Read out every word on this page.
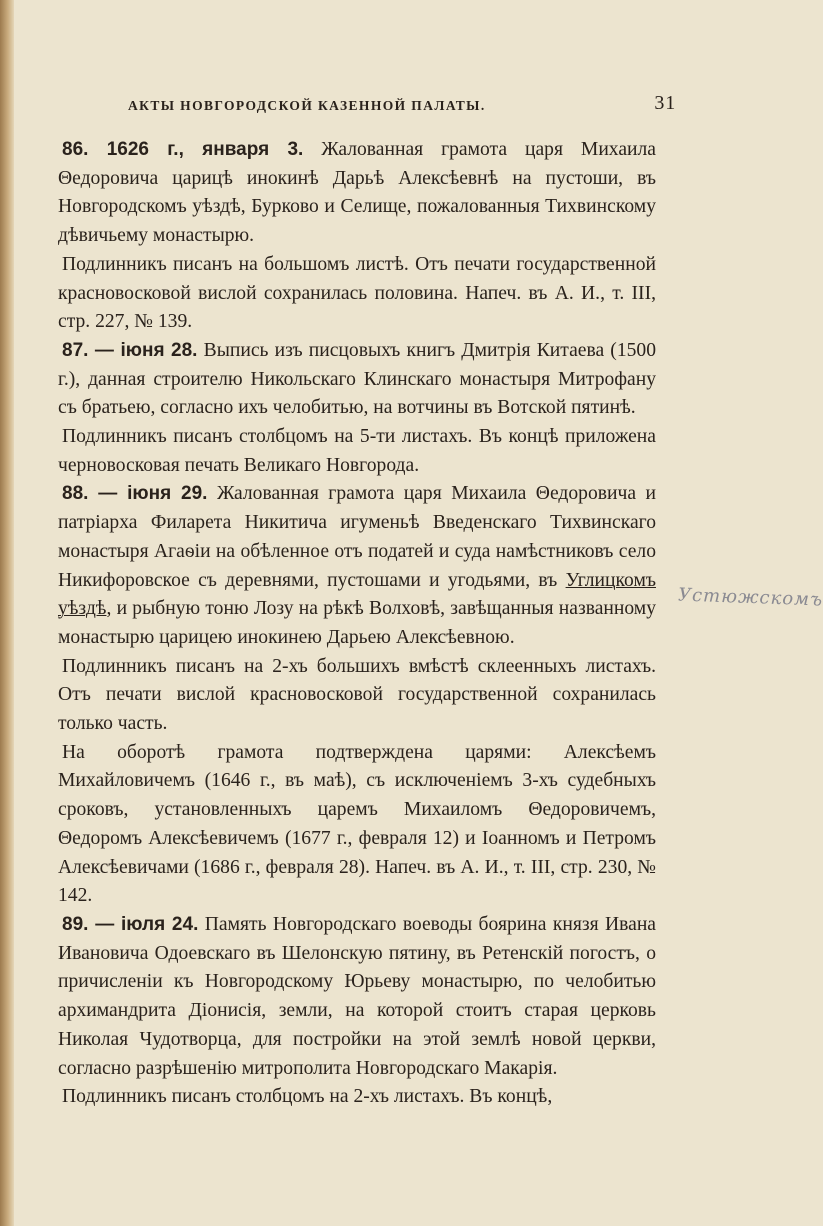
АКТЫ НОВГОРОДСКОЙ КАЗЕННОЙ ПАЛАТЫ.	31

86. 1626 г., января 3. Жалованная грамота царя Михаила Θедоровича царицѣ инокинѣ Дарьѣ Алексѣевнѣ на пустоши, въ Новгородскомъ уѣздѣ, Бурково и Селище, пожалованныя Тихвинскому дѣвичьему монастырю.

Подлинникъ писанъ на большомъ листѣ. Отъ печати государственной красновосковой вислой сохранилась половина. Напеч. въ А. И., т. III, стр. 227, № 139.

87. — іюня 28. Выпись изъ писцовыхъ книгъ Дмитрія Китаева (1500 г.), данная строителю Никольскаго Клинскаго монастыря Митрофану съ братьею, согласно ихъ челобитью, на вотчины въ Вотской пятинѣ.

Подлинникъ писанъ столбцомъ на 5-ти листахъ. Въ концѣ приложена черновосковая печать Великаго Новгорода.

88. — іюня 29. Жалованная грамота царя Михаила Θедоровича и патріарха Филарета Никитича игуменьѣ Введенскаго Тихвинскаго монастыря Агаѳіи на обѣленное отъ податей и суда намѣстниковъ село Никифоровское съ деревнями, пустошами и угодьями, въ Углицкомъ уѣздѣ, и рыбную тоню Лозу на рѣкѣ Волховѣ, завѣщанныя названному монастырю царицею инокинею Дарьею Алексѣевною.

Подлинникъ писанъ на 2-хъ большихъ вмѣстѣ склеенныхъ листахъ. Отъ печати вислой красновосковой государственной сохранилась только часть.

На оборотѣ грамота подтверждена царями: Алексѣемъ Михайловичемъ (1646 г., въ маѣ), съ исключеніемъ 3-хъ судебныхъ сроковъ, установленныхъ царемъ Михаиломъ Θедоровичемъ, Θедоромъ Алексѣевичемъ (1677 г., февраля 12) и Іоанномъ и Петромъ Алексѣевичами (1686 г., февраля 28). Напеч. въ А. И., т. III, стр. 230, № 142.

89. — іюля 24. Память Новгородскаго воеводы боярина князя Ивана Ивановича Одоевскаго въ Шелонскую пятину, въ Ретенскій погостъ, о причисленіи къ Новгородскому Юрьеву монастырю, по челобитью архимандрита Діонисія, земли, на которой стоитъ старая церковь Николая Чудотворца, для постройки на этой землѣ новой церкви, согласно разрѣшенію митрополита Новгородскаго Макарія.

Подлинникъ писанъ столбцомъ на 2-хъ листахъ. Въ концѣ,

Устюжскомъ
